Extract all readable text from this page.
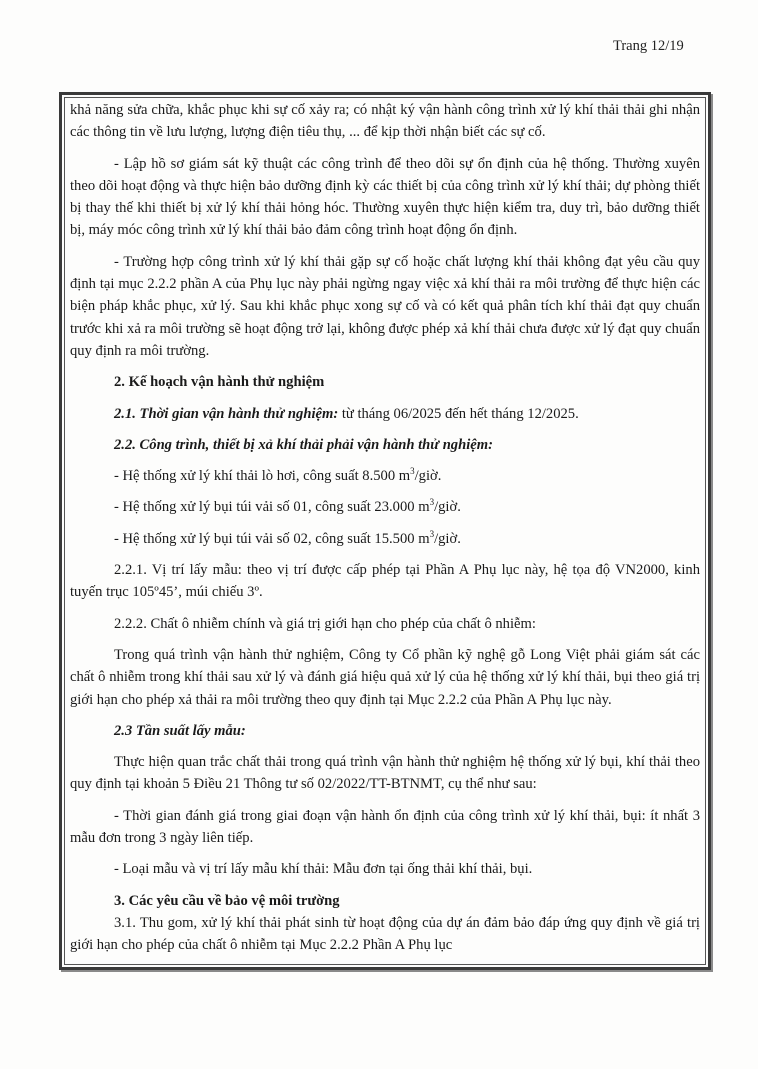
Trang 12/19

khả năng sửa chữa, khắc phục khi sự cố xảy ra; có nhật ký vận hành công trình xử lý khí thải thải ghi nhận các thông tin về lưu lượng, lượng điện tiêu thụ, ... để kịp thời nhận biết các sự cố.

- Lập hồ sơ giám sát kỹ thuật các công trình để theo dõi sự ổn định của hệ thống. Thường xuyên theo dõi hoạt động và thực hiện bảo dưỡng định kỳ các thiết bị của công trình xử lý khí thải; dự phòng thiết bị thay thế khi thiết bị xử lý khí thải hỏng hóc. Thường xuyên thực hiện kiểm tra, duy trì, bảo dưỡng thiết bị, máy móc công trình xử lý khí thải bảo đảm công trình hoạt động ổn định.

- Trường hợp công trình xử lý khí thải gặp sự cố hoặc chất lượng khí thải không đạt yêu cầu quy định tại mục 2.2.2 phần A của Phụ lục này phải ngừng ngay việc xả khí thải ra môi trường để thực hiện các biện pháp khắc phục, xử lý. Sau khi khắc phục xong sự cố và có kết quả phân tích khí thải đạt quy chuẩn trước khi xả ra môi trường sẽ hoạt động trở lại, không được phép xả khí thải chưa được xử lý đạt quy chuẩn quy định ra môi trường.

2. Kế hoạch vận hành thử nghiệm

2.1. Thời gian vận hành thử nghiệm: từ tháng 06/2025 đến hết tháng 12/2025.

2.2. Công trình, thiết bị xả khí thải phải vận hành thử nghiệm:

- Hệ thống xử lý khí thải lò hơi, công suất 8.500 $m^3$/giờ.

- Hệ thống xử lý bụi túi vải số 01, công suất 23.000 $m^3$/giờ.

- Hệ thống xử lý bụi túi vải số 02, công suất 15.500 $m^3$/giờ.

2.2.1. Vị trí lấy mẫu: theo vị trí được cấp phép tại Phần A Phụ lục này, hệ tọa độ VN2000, kinh tuyến trục 105º45’, múi chiếu 3º.

2.2.2. Chất ô nhiễm chính và giá trị giới hạn cho phép của chất ô nhiễm:

Trong quá trình vận hành thử nghiệm, Công ty Cổ phần kỹ nghệ gỗ Long Việt phải giám sát các chất ô nhiễm trong khí thải sau xử lý và đánh giá hiệu quả xử lý của hệ thống xử lý khí thải, bụi theo giá trị giới hạn cho phép xả thải ra môi trường theo quy định tại Mục 2.2.2 của Phần A Phụ lục này.

2.3 Tần suất lấy mẫu:

Thực hiện quan trắc chất thải trong quá trình vận hành thử nghiệm hệ thống xử lý bụi, khí thải theo quy định tại khoản 5 Điều 21 Thông tư số 02/2022/TT-BTNMT, cụ thể như sau:

- Thời gian đánh giá trong giai đoạn vận hành ổn định của công trình xử lý khí thải, bụi: ít nhất 3 mẫu đơn trong 3 ngày liên tiếp.

- Loại mẫu và vị trí lấy mẫu khí thải: Mẫu đơn tại ống thải khí thải, bụi.

3. Các yêu cầu về bảo vệ môi trường

3.1. Thu gom, xử lý khí thải phát sinh từ hoạt động của dự án đảm bảo đáp ứng quy định về giá trị giới hạn cho phép của chất ô nhiễm tại Mục 2.2.2 Phần A Phụ lục
